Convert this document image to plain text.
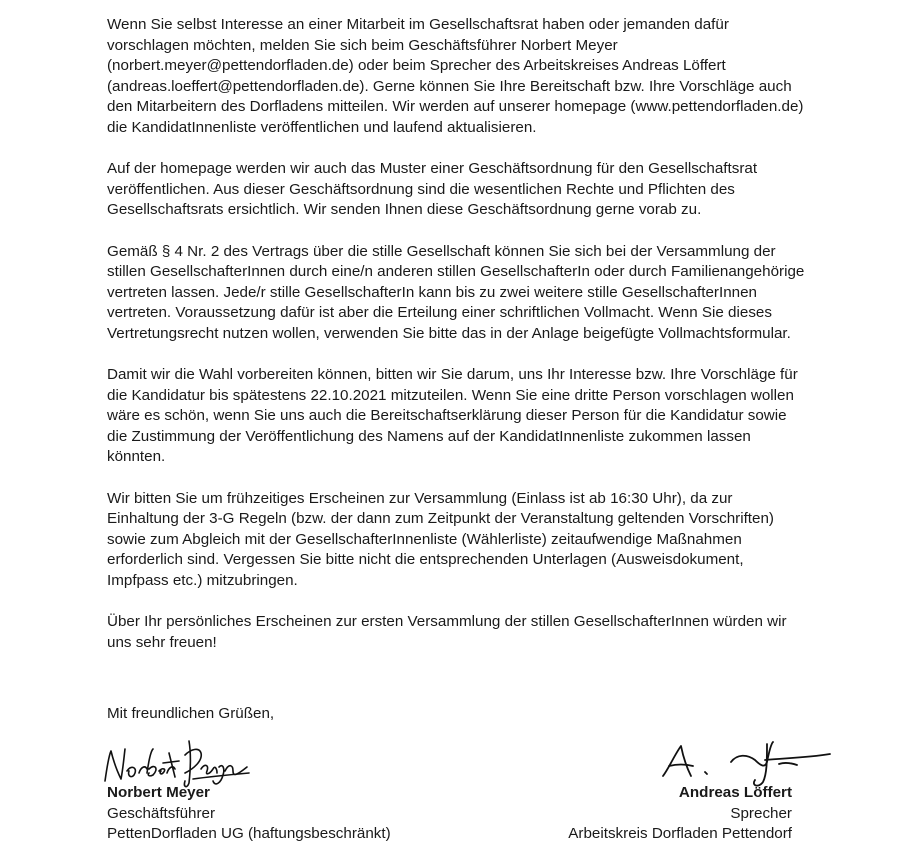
Wenn Sie selbst Interesse an einer Mitarbeit im Gesellschaftsrat haben oder jemanden dafür vorschlagen möchten, melden Sie sich beim Geschäftsführer Norbert Meyer (norbert.meyer@pettendorfladen.de) oder beim Sprecher des Arbeitskreises Andreas Löffert (andreas.loeffert@pettendorfladen.de). Gerne können Sie Ihre Bereitschaft bzw. Ihre Vorschläge auch den Mitarbeitern des Dorfladens mitteilen. Wir werden auf unserer homepage (www.pettendorfladen.de) die KandidatInnenliste veröffentlichen und laufend aktualisieren.

Auf der homepage werden wir auch das Muster einer Geschäftsordnung für den Gesellschaftsrat veröffentlichen. Aus dieser Geschäftsordnung sind die wesentlichen Rechte und Pflichten des Gesellschaftsrats ersichtlich. Wir senden Ihnen diese Geschäftsordnung gerne vorab zu.

Gemäß § 4 Nr. 2 des Vertrags über die stille Gesellschaft können Sie sich bei der Versammlung der stillen GesellschafterInnen durch eine/n anderen stillen GesellschafterIn oder durch Familienangehörige vertreten lassen. Jede/r stille GesellschafterIn kann bis zu zwei weitere stille GesellschafterInnen vertreten. Voraussetzung dafür ist aber die Erteilung einer schriftlichen Vollmacht. Wenn Sie dieses Vertretungsrecht nutzen wollen, verwenden Sie bitte das in der Anlage beigefügte Vollmachtsformular.

Damit wir die Wahl vorbereiten können, bitten wir Sie darum, uns Ihr Interesse bzw. Ihre Vorschläge für die Kandidatur bis spätestens 22.10.2021 mitzuteilen. Wenn Sie eine dritte Person vorschlagen wollen wäre es schön, wenn Sie uns auch die Bereitschaftserklärung dieser Person für die Kandidatur sowie die Zustimmung der Veröffentlichung des Namens auf der KandidatInnenliste zukommen lassen könnten.

Wir bitten Sie um frühzeitiges Erscheinen zur Versammlung (Einlass ist ab 16:30 Uhr), da zur Einhaltung der 3-G Regeln (bzw. der dann zum Zeitpunkt der Veranstaltung geltenden Vorschriften) sowie zum Abgleich mit der GesellschafterInnenliste (Wählerliste) zeitaufwendige Maßnahmen erforderlich sind. Vergessen Sie bitte nicht die entsprechenden Unterlagen (Ausweisdokument, Impfpass etc.) mitzubringen.

Über Ihr persönliches Erscheinen zur ersten Versammlung der stillen GesellschafterInnen würden wir uns sehr freuen!

Mit freundlichen Grüßen,
Norbert Meyer
Geschäftsführer
PettenDorfladen UG (haftungsbeschränkt)
Andreas Löffert
Sprecher
Arbeitskreis Dorfladen Pettendorf
